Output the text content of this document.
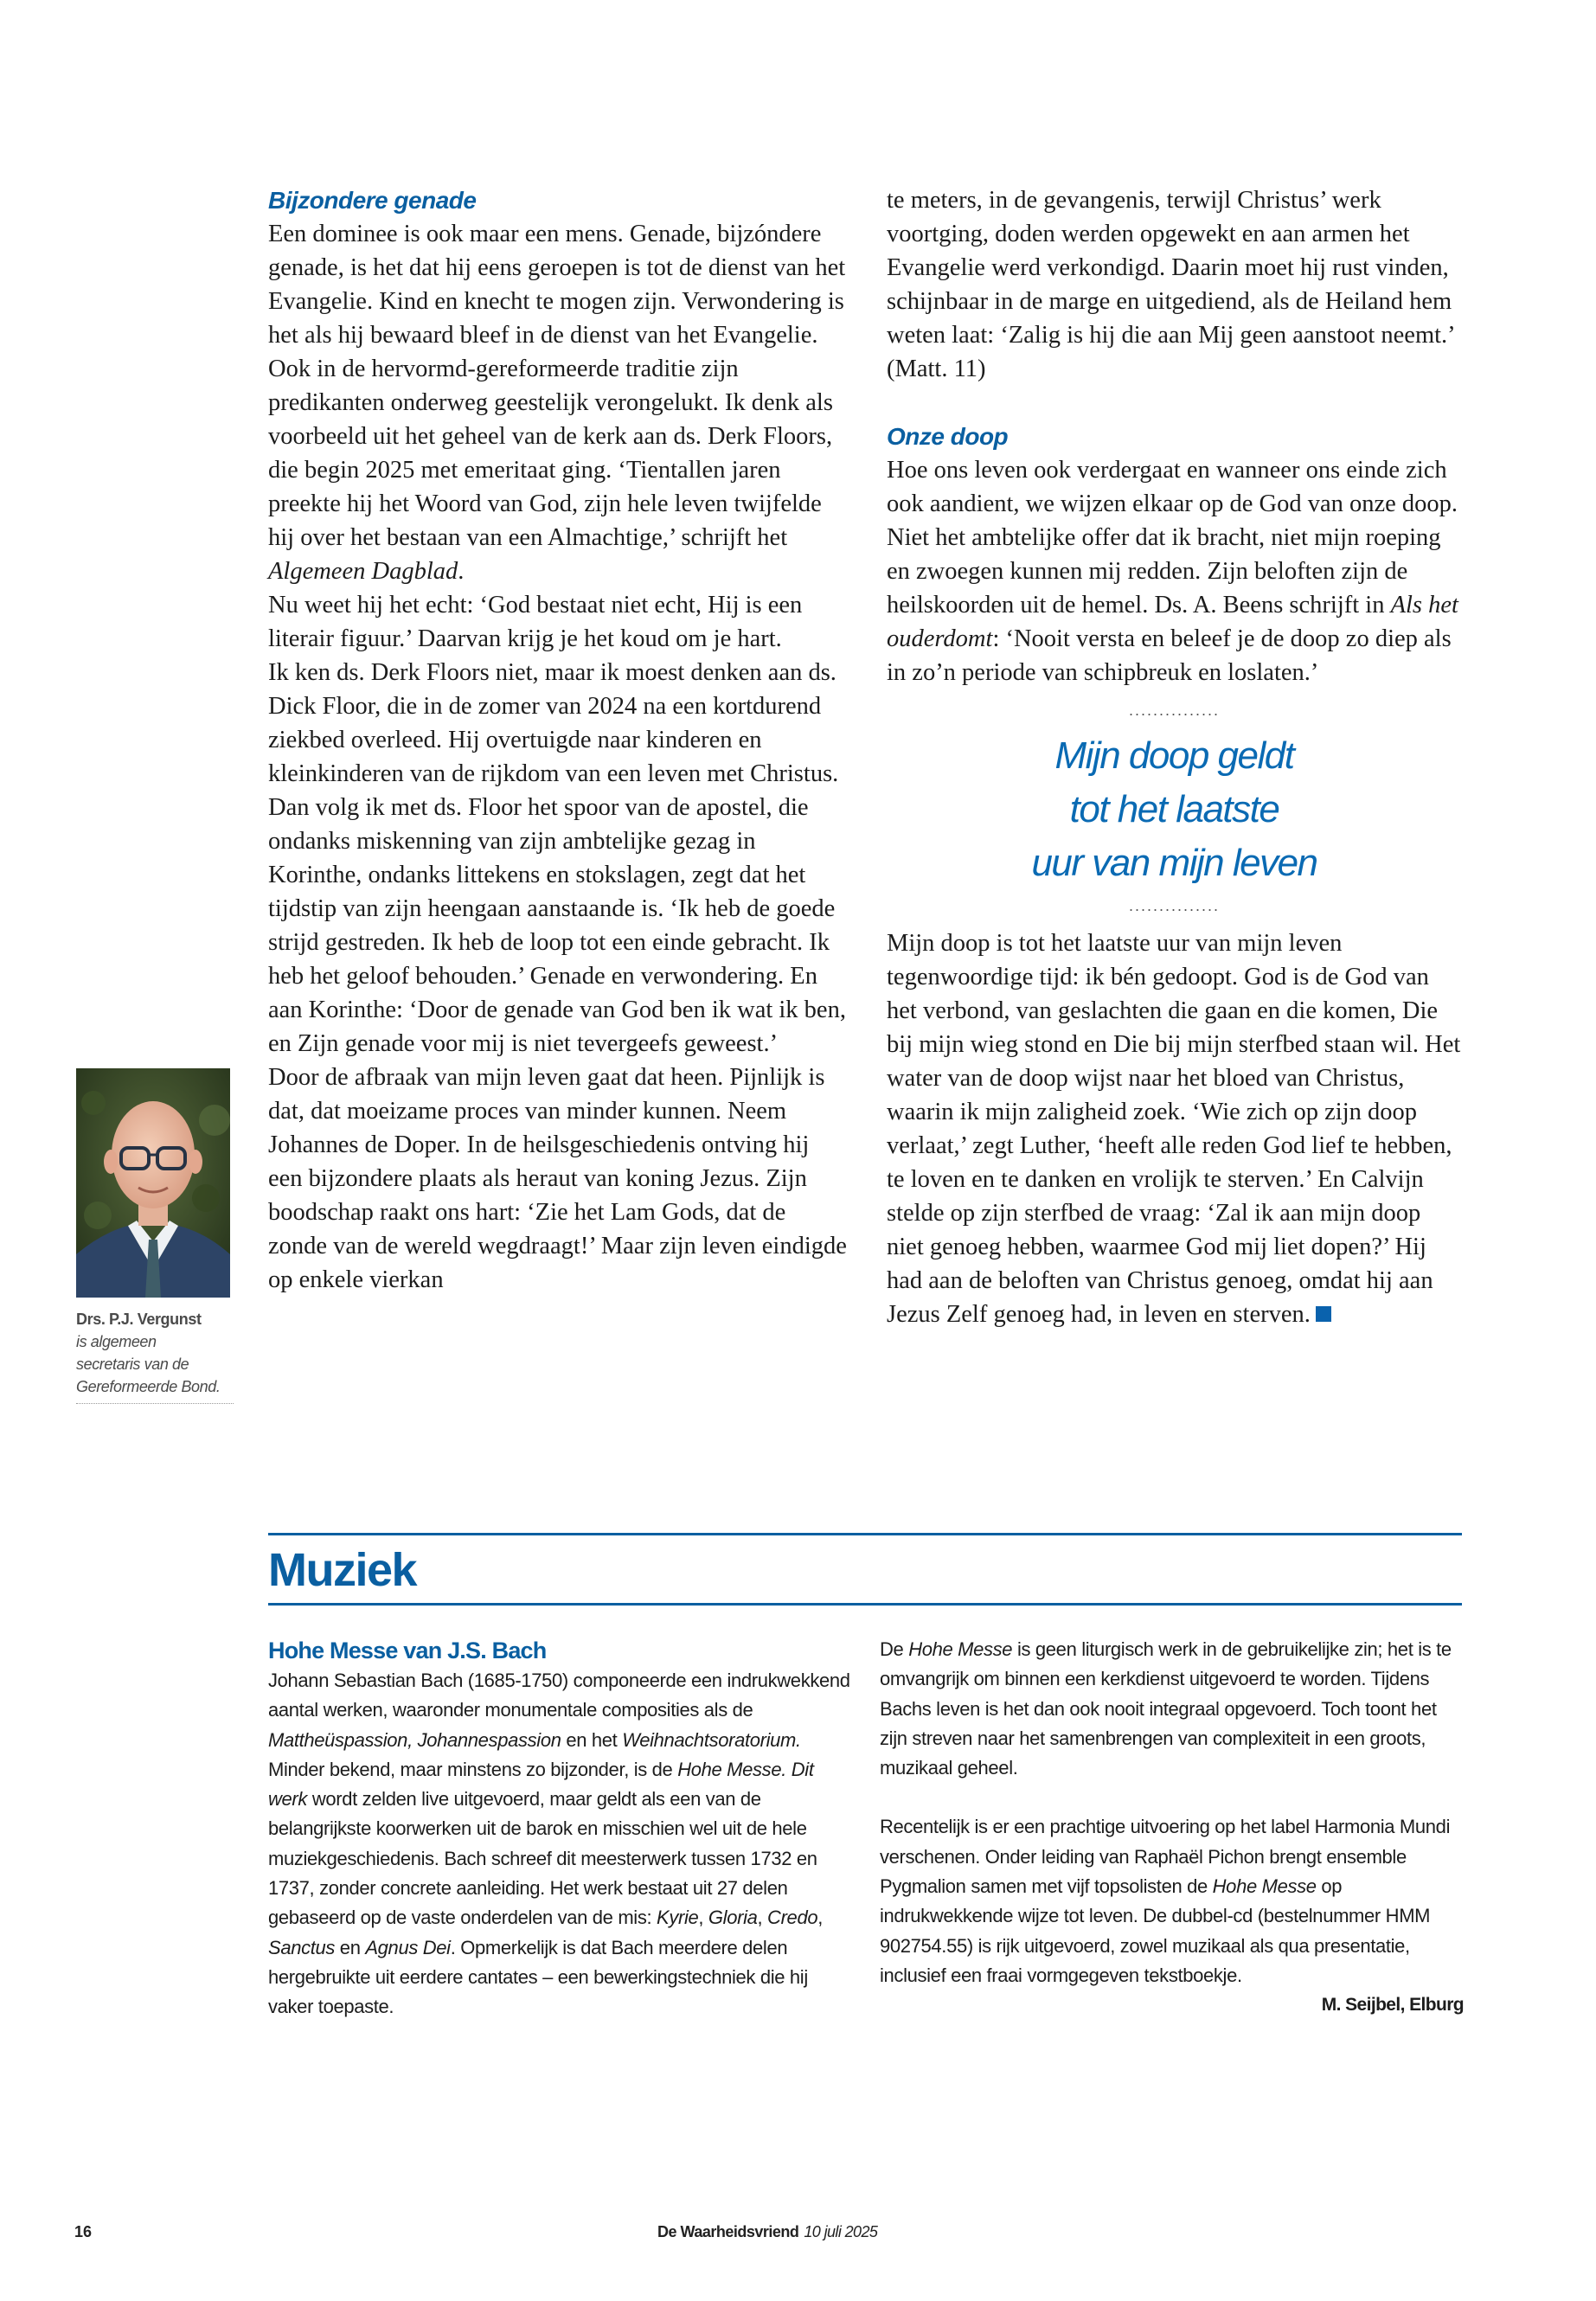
Bijzondere genade

Een dominee is ook maar een mens. Genade, bijzóndere genade, is het dat hij eens geroepen is tot de dienst van het Evangelie. Kind en knecht te mogen zijn. Verwondering is het als hij bewaard bleef in de dienst van het Evangelie. Ook in de hervormd-gereformeerde traditie zijn predikanten onderweg geestelijk verongelukt. Ik denk als voorbeeld uit het geheel van de kerk aan ds. Derk Floors, die begin 2025 met emeritaat ging. ‘Tientallen jaren preekte hij het Woord van God, zijn hele leven twijfelde hij over het bestaan van een Almachtige,’ schrijft het Algemeen Dagblad.

Nu weet hij het echt: ‘God bestaat niet echt, Hij is een literair figuur.’ Daarvan krijg je het koud om je hart.

Ik ken ds. Derk Floors niet, maar ik moest denken aan ds. Dick Floor, die in de zomer van 2024 na een kortdurend ziekbed overleed. Hij overtuigde naar kinderen en kleinkinderen van de rijkdom van een leven met Christus. Dan volg ik met ds. Floor het spoor van de apostel, die ondanks miskenning van zijn ambtelijke gezag in Korinthe, ondanks littekens en stokslagen, zegt dat het tijdstip van zijn heengaan aanstaande is. ‘Ik heb de goede strijd gestreden. Ik heb de loop tot een einde gebracht. Ik heb het geloof behouden.’ Genade en verwondering. En aan Korinthe: ‘Door de genade van God ben ik wat ik ben, en Zijn genade voor mij is niet tevergeefs geweest.’

Door de afbraak van mijn leven gaat dat heen. Pijnlijk is dat, dat moeizame proces van minder kunnen. Neem Johannes de Doper. In de heilsgeschiedenis ontving hij een bijzondere plaats als heraut van koning Jezus. Zijn boodschap raakt ons hart: ‘Zie het Lam Gods, dat de zonde van de wereld wegdraagt!’ Maar zijn leven eindigde op enkele vierkan

te meters, in de gevangenis, terwijl Christus’ werk voortging, doden werden opgewekt en aan armen het Evangelie werd verkondigd. Daarin moet hij rust vinden, schijnbaar in de marge en uitgediend, als de Heiland hem weten laat: ‘Zalig is hij die aan Mij geen aanstoot neemt.’ (Matt. 11)

Onze doop

Hoe ons leven ook verdergaat en wanneer ons einde zich ook aandient, we wijzen elkaar op de God van onze doop. Niet het ambtelijke offer dat ik bracht, niet mijn roeping en zwoegen kunnen mij redden. Zijn beloften zijn de heilskoorden uit de hemel. Ds. A. Beens schrijft in Als het ouderdomt: ‘Nooit versta en beleef je de doop zo diep als in zo’n periode van schipbreuk en loslaten.’

...............
Mijn doop geldt
tot het laatste
uur van mijn leven
...............

Mijn doop is tot het laatste uur van mijn leven tegenwoordige tijd: ik bén gedoopt. God is de God van het verbond, van geslachten die gaan en die komen, Die bij mijn wieg stond en Die bij mijn sterfbed staan wil. Het water van de doop wijst naar het bloed van Christus, waarin ik mijn zaligheid zoek. ‘Wie zich op zijn doop verlaat,’ zegt Luther, ‘heeft alle reden God lief te hebben, te loven en te danken en vrolijk te sterven.’ En Calvijn stelde op zijn sterfbed de vraag: ‘Zal ik aan mijn doop niet genoeg hebben, waarmee God mij liet dopen?’ Hij had aan de beloften van Christus genoeg, omdat hij aan Jezus Zelf genoeg had, in leven en sterven.

Drs. P.J. Vergunst
is algemeen
secretaris van de
Gereformeerde Bond.
Muziek
Hohe Messe van J.S. Bach

Johann Sebastian Bach (1685-1750) componeerde een indrukwekkend aantal werken, waaronder monumentale composities als de Mattheüspassion, Johannespassion en het Weihnachtsoratorium. Minder bekend, maar minstens zo bijzonder, is de Hohe Messe. Dit werk wordt zelden live uitgevoerd, maar geldt als een van de belangrijkste koorwerken uit de barok en misschien wel uit de hele muziekgeschiedenis. Bach schreef dit meesterwerk tussen 1732 en 1737, zonder concrete aanleiding. Het werk bestaat uit 27 delen gebaseerd op de vaste onderdelen van de mis: Kyrie, Gloria, Credo, Sanctus en Agnus Dei. Opmerkelijk is dat Bach meerdere delen hergebruikte uit eerdere cantates – een bewerkingstechniek die hij vaker toepaste.

De Hohe Messe is geen liturgisch werk in de gebruikelijke zin; het is te omvangrijk om binnen een kerkdienst uitgevoerd te worden. Tijdens Bachs leven is het dan ook nooit integraal opgevoerd. Toch toont het zijn streven naar het samenbrengen van complexiteit in een groots, muzikaal geheel.

Recentelijk is er een prachtige uitvoering op het label Harmonia Mundi verschenen. Onder leiding van Raphaël Pichon brengt ensemble Pygmalion samen met vijf topsolisten de Hohe Messe op indrukwekkende wijze tot leven. De dubbel-cd (bestelnummer HMM 902754.55) is rijk uitgevoerd, zowel muzikaal als qua presentatie, inclusief een fraai vormgegeven tekstboekje.

M. Seijbel, Elburg
16	De Waarheidsvriend 10 juli 2025
